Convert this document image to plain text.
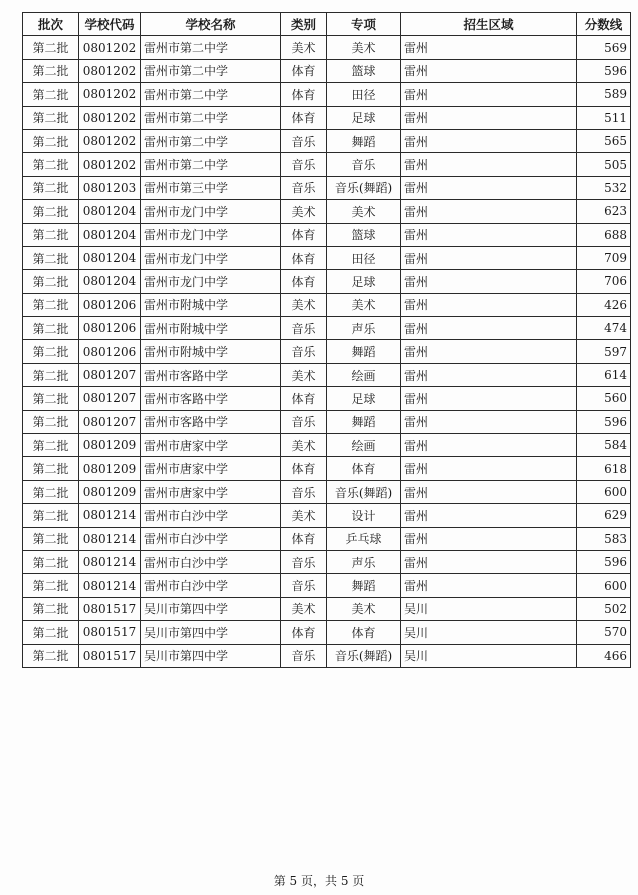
批次	学校代码	学校名称	类别	专项	招生区域	分数线
第二批	0801202	雷州市第二中学	美术	美术	雷州	569
第二批	0801202	雷州市第二中学	体育	篮球	雷州	596
第二批	0801202	雷州市第二中学	体育	田径	雷州	589
第二批	0801202	雷州市第二中学	体育	足球	雷州	511
第二批	0801202	雷州市第二中学	音乐	舞蹈	雷州	565
第二批	0801202	雷州市第二中学	音乐	音乐	雷州	505
第二批	0801203	雷州市第三中学	音乐	音乐(舞蹈)	雷州	532
第二批	0801204	雷州市龙门中学	美术	美术	雷州	623
第二批	0801204	雷州市龙门中学	体育	篮球	雷州	688
第二批	0801204	雷州市龙门中学	体育	田径	雷州	709
第二批	0801204	雷州市龙门中学	体育	足球	雷州	706
第二批	0801206	雷州市附城中学	美术	美术	雷州	426
第二批	0801206	雷州市附城中学	音乐	声乐	雷州	474
第二批	0801206	雷州市附城中学	音乐	舞蹈	雷州	597
第二批	0801207	雷州市客路中学	美术	绘画	雷州	614
第二批	0801207	雷州市客路中学	体育	足球	雷州	560
第二批	0801207	雷州市客路中学	音乐	舞蹈	雷州	596
第二批	0801209	雷州市唐家中学	美术	绘画	雷州	584
第二批	0801209	雷州市唐家中学	体育	体育	雷州	618
第二批	0801209	雷州市唐家中学	音乐	音乐(舞蹈)	雷州	600
第二批	0801214	雷州市白沙中学	美术	设计	雷州	629
第二批	0801214	雷州市白沙中学	体育	乒乓球	雷州	583
第二批	0801214	雷州市白沙中学	音乐	声乐	雷州	596
第二批	0801214	雷州市白沙中学	音乐	舞蹈	雷州	600
第二批	0801517	吴川市第四中学	美术	美术	吴川	502
第二批	0801517	吴川市第四中学	体育	体育	吴川	570
第二批	0801517	吴川市第四中学	音乐	音乐(舞蹈)	吴川	466
第 5 页，共 5 页
